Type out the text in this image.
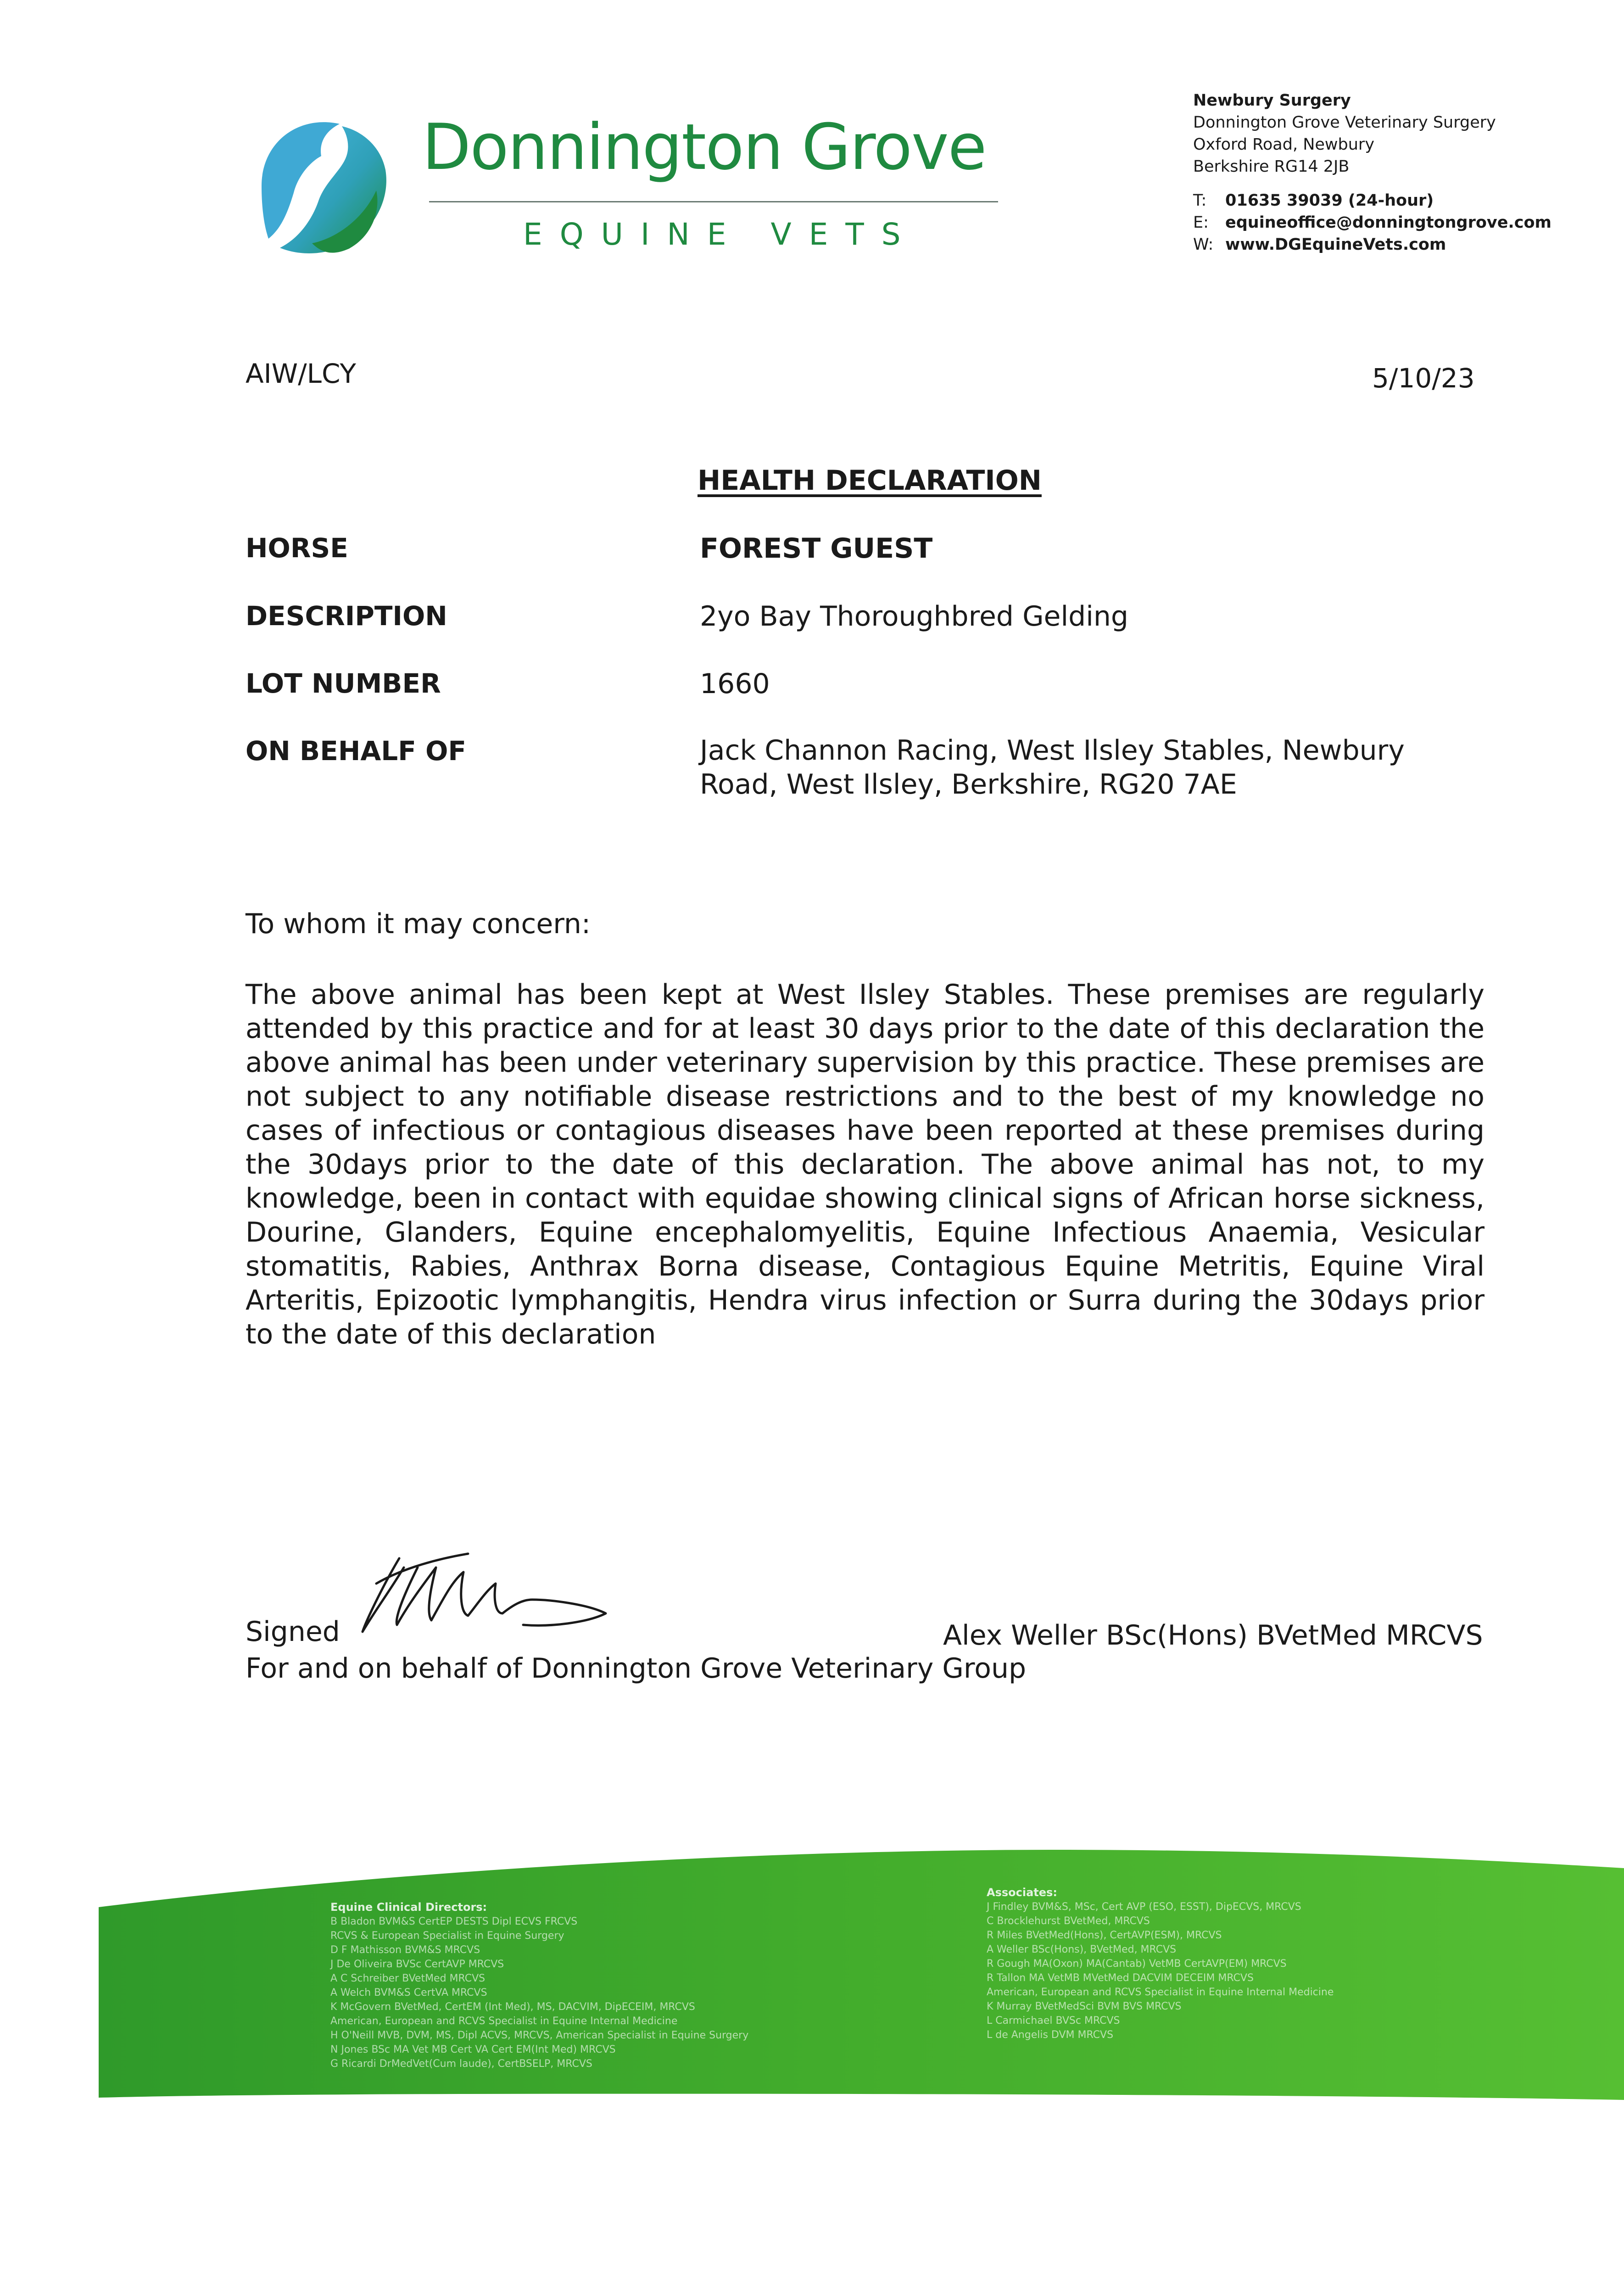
Donnington Grove
EQUINE VETS
Newbury Surgery
Donnington Grove Veterinary Surgery
Oxford Road, Newbury
Berkshire RG14 2JB
T: 01635 39039 (24-hour)
E: equineoffice@donningtongrove.com
W: www.DGEquineVets.com
AIW/LCY	5/10/23
HEALTH DECLARATION
HORSE	FOREST GUEST
DESCRIPTION	2yo Bay Thoroughbred Gelding
LOT NUMBER	1660
ON BEHALF OF	Jack Channon Racing, West Ilsley Stables, Newbury Road, West Ilsley, Berkshire, RG20 7AE
To whom it may concern:
The above animal has been kept at West Ilsley Stables. These premises are regularly attended by this practice and for at least 30 days prior to the date of this declaration the above animal has been under veterinary supervision by this practice. These premises are not subject to any notifiable disease restrictions and to the best of my knowledge no cases of infectious or contagious diseases have been reported at these premises during the 30days prior to the date of this declaration. The above animal has not, to my knowledge, been in contact with equidae showing clinical signs of African horse sickness, Dourine, Glanders, Equine encephalomyelitis, Equine Infectious Anaemia, Vesicular stomatitis, Rabies, Anthrax Borna disease, Contagious Equine Metritis, Equine Viral Arteritis, Epizootic lymphangitis, Hendra virus infection or Surra during the 30days prior to the date of this declaration
Signed	Alex Weller BSc(Hons) BVetMed MRCVS
For and on behalf of Donnington Grove Veterinary Group
Equine Clinical Directors:
B Bladon BVM&S CertEP DESTS Dipl ECVS FRCVS
RCVS & European Specialist in Equine Surgery
D F Mathisson BVM&S MRCVS
J De Oliveira BVSc CertAVP MRCVS
A C Schreiber BVetMed MRCVS
A Welch BVM&S CertVA MRCVS
K McGovern BVetMed, CertEM (Int Med), MS, DACVIM, DipECEIM, MRCVS
American, European and RCVS Specialist in Equine Internal Medicine
H O'Neill MVB, DVM, MS, Dipl ACVS, MRCVS, American Specialist in Equine Surgery
N Jones BSc MA Vet MB Cert VA Cert EM(Int Med) MRCVS
G Ricardi DrMedVet(Cum laude), CertBSELP, MRCVS
Associates:
J Findley BVM&S, MSc, Cert AVP (ESO, ESST), DipECVS, MRCVS
C Brocklehurst BVetMed, MRCVS
R Miles BVetMed(Hons), CertAVP(ESM), MRCVS
A Weller BSc(Hons), BVetMed, MRCVS
R Gough MA(Oxon) MA(Cantab) VetMB CertAVP(EM) MRCVS
R Tallon MA VetMB MVetMed DACVIM DECEIM MRCVS
American, European and RCVS Specialist in Equine Internal Medicine
K Murray BVetMedSci BVM BVS MRCVS
L Carmichael BVSc MRCVS
L de Angelis DVM MRCVS
Donnington Grove Veterinary Group Limited (trading as Donnington Grove Veterinary Group) is a limited company registered in England and Wales
